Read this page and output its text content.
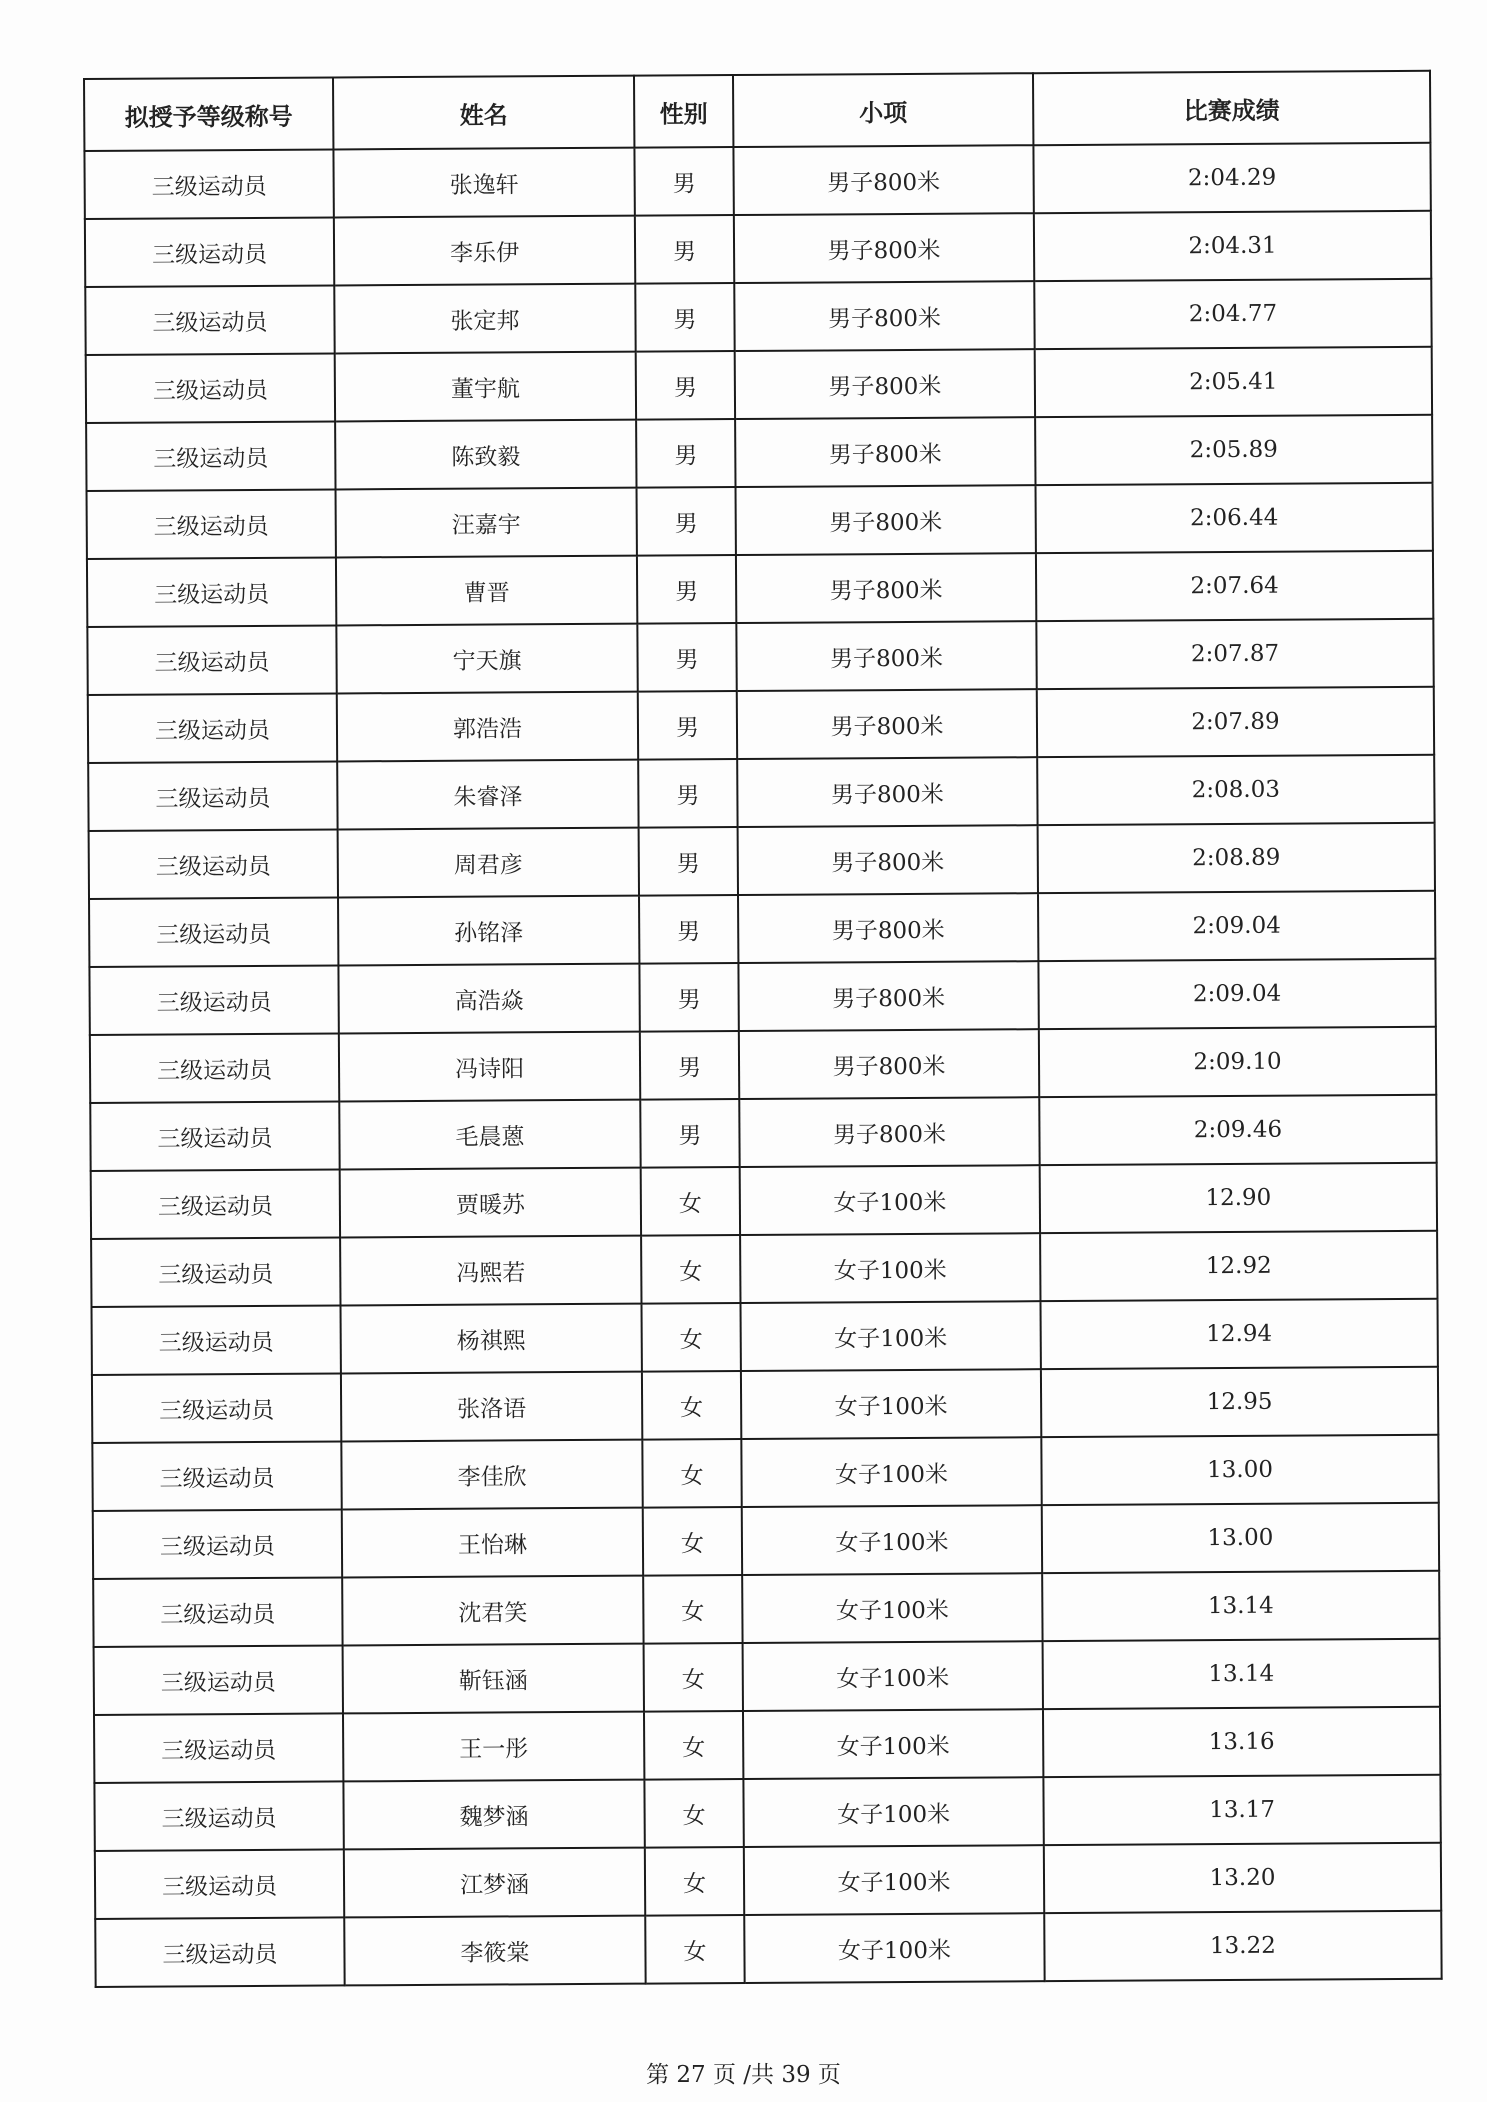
拟授予等级称号	姓名	性别	小项	比赛成绩
三级运动员	张逸轩	男	男子800米	2:04.29
三级运动员	李乐伊	男	男子800米	2:04.31
三级运动员	张定邦	男	男子800米	2:04.77
三级运动员	董宇航	男	男子800米	2:05.41
三级运动员	陈致毅	男	男子800米	2:05.89
三级运动员	汪嘉宇	男	男子800米	2:06.44
三级运动员	曹晋	男	男子800米	2:07.64
三级运动员	宁天旗	男	男子800米	2:07.87
三级运动员	郭浩浩	男	男子800米	2:07.89
三级运动员	朱睿泽	男	男子800米	2:08.03
三级运动员	周君彦	男	男子800米	2:08.89
三级运动员	孙铭泽	男	男子800米	2:09.04
三级运动员	高浩焱	男	男子800米	2:09.04
三级运动员	冯诗阳	男	男子800米	2:09.10
三级运动员	毛晨蒽	男	男子800米	2:09.46
三级运动员	贾暖苏	女	女子100米	12.90
三级运动员	冯熙若	女	女子100米	12.92
三级运动员	杨祺熙	女	女子100米	12.94
三级运动员	张洛语	女	女子100米	12.95
三级运动员	李佳欣	女	女子100米	13.00
三级运动员	王怡琳	女	女子100米	13.00
三级运动员	沈君笑	女	女子100米	13.14
三级运动员	靳钰涵	女	女子100米	13.14
三级运动员	王一彤	女	女子100米	13.16
三级运动员	魏梦涵	女	女子100米	13.17
三级运动员	江梦涵	女	女子100米	13.20
三级运动员	李筱棠	女	女子100米	13.22
第 27 页 /共 39 页
